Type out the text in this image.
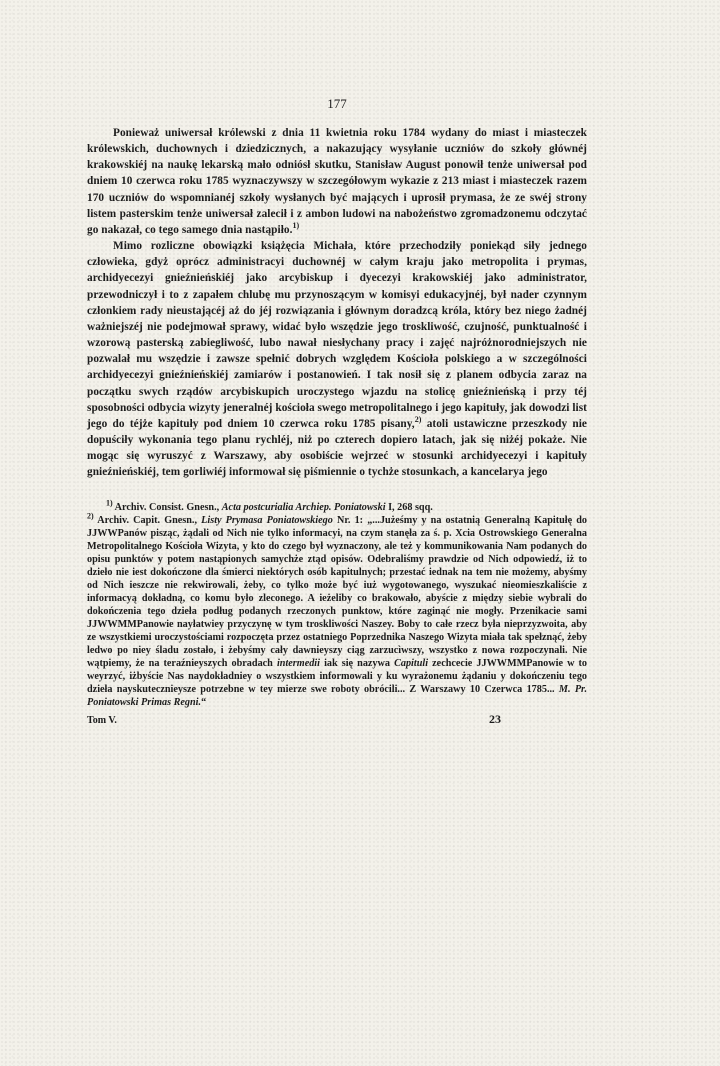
177

Ponieważ uniwersał królewski z dnia 11 kwietnia roku 1784 wydany do miast i miasteczek królewskich, duchownych i dziedzicznych, a nakazujący wysyłanie uczniów do szkoły głównéj krakowskiéj na naukę lekarską mało odniósł skutku, Stanisław August ponowił tenże uniwersał pod dniem 10 czerwca roku 1785 wyznaczywszy w szczegółowym wykazie z 213 miast i miasteczek razem 170 uczniów do wspomnianéj szkoły wysłanych być mających i uprosił prymasa, że ze swéj strony listem pasterskim tenże uniwersał zalecił i z ambon ludowi na nabożeństwo zgromadzonemu odczytać go nakazał, co tego samego dnia nastąpiło.$^{1)}$

Mimo rozliczne obowiązki książęcia Michała, które przechodziły poniekąd siły jednego człowieka, gdyż oprócz administracyi duchownéj w całym kraju jako metropolita i prymas, archidyecezyi gnieźnieńskiéj jako arcybiskup i dyecezyi krakowskiéj jako administrator, przewodniczył i to z zapałem chlubę mu przynoszącym w komisyi edukacyjnéj, był nader czynnym członkiem rady nieustającéj aż do jéj rozwiązania i głównym doradzcą króla, który bez niego żadnéj ważniejszéj nie podejmował sprawy, widać było wszędzie jego troskliwość, czujność, punktualność i wzorową pasterską zabiegliwość, lubo nawał niesłychany pracy i zajęć najróżnorodniejszych nie pozwalał mu wszędzie i zawsze spełnić dobrych względem Kościoła polskiego a w szczególności archidyecezyi gnieźnieńskiéj zamiarów i postanowień. I tak nosił się z planem odbycia zaraz na początku swych rządów arcybiskupich uroczystego wjazdu na stolicę gnieźnieńską i przy téj sposobności odbycia wizyty jeneralnéj kościoła swego metropolitalnego i jego kapituły, jak dowodzi list jego do téjże kapituły pod dniem 10 czerwca roku 1785 pisany,$^{2)}$ atoli ustawiczne przeszkody nie dopuściły wykonania tego planu rychléj, niż po czterech dopiero latach, jak się niżéj pokaże. Nie mogąc się wyruszyć z Warszawy, aby osobiście wejrzeć w stosunki archidyecezyi i kapituły gnieźnieńskiéj, tem gorliwiéj informował się piśmiennie o tychże stosunkach, a kancelarya jego

$^{1)}$ Archiv. Consist. Gnesn., Acta postcurialia Archiep. Poniatowski I, 268 sqq.

$^{2)}$ Archiv. Capit. Gnesn., Listy Prymasa Poniatowskiego Nr. 1: „...Jużeśmy y na ostatnią Generalną Kapitułę do JJWWPanów pisząc, żądali od Nich nie tylko informacyi, na czym stanęła za ś. p. Xcia Ostrowskiego Generalna Metropolitalnego Kościoła Wizyta, y kto do czego był wyznaczony, ale też y kommunikowania Nam podanych do opisu punktów y potem nastąpionych samychże ztąd opisów. Odebraliśmy prawdzie od Nich odpowiedź, iż to dzieło nie iest dokończone dla śmierci niektórych osób kapitulnych; przestać iednak na tem nie możemy, abyśmy od Nich ieszcze nie rekwirowali, żeby, co tylko może być iuż wygotowanego, wyszukać nieomieszkaliście z informacyą dokładną, co komu było zleconego. A ieżeliby co brakowało, abyście z między siebie wybrali do dokończenia tego dzieła podług podanych rzeczonych punktow, które zaginąć nie mogły. Przenikacie sami JJWWMMPanowie nayłatwiey przyczynę w tym troskliwości Naszey. Boby to całe rzecz była nieprzyzwoita, aby ze wszystkiemi uroczystościami rozpoczęta przez ostatniego Poprzednika Naszego Wizyta miała tak spełznąć, żeby ledwo po niey śladu zostało, i żebyśmy cały dawnieyszy ciąg zarzucìwszy, wszystko z nowa rozpoczynali. Nie wątpiemy, że na teraźnieyszych obradach intermedii iak się nazywa Capituli zechcecie JJWWMMPanowie w to weyrzyć, iżbyście Nas naydokładniey o wszystkiem informowali y ku wyrażonemu żądaniu y dokończeniu tego dzieła nayskutecznieysze potrzebne w tey mierze swe roboty obrócili... Z Warszawy 10 Czerwca 1785... M. Pr. Poniatowski Primas Regni.“

Tom V.	23
